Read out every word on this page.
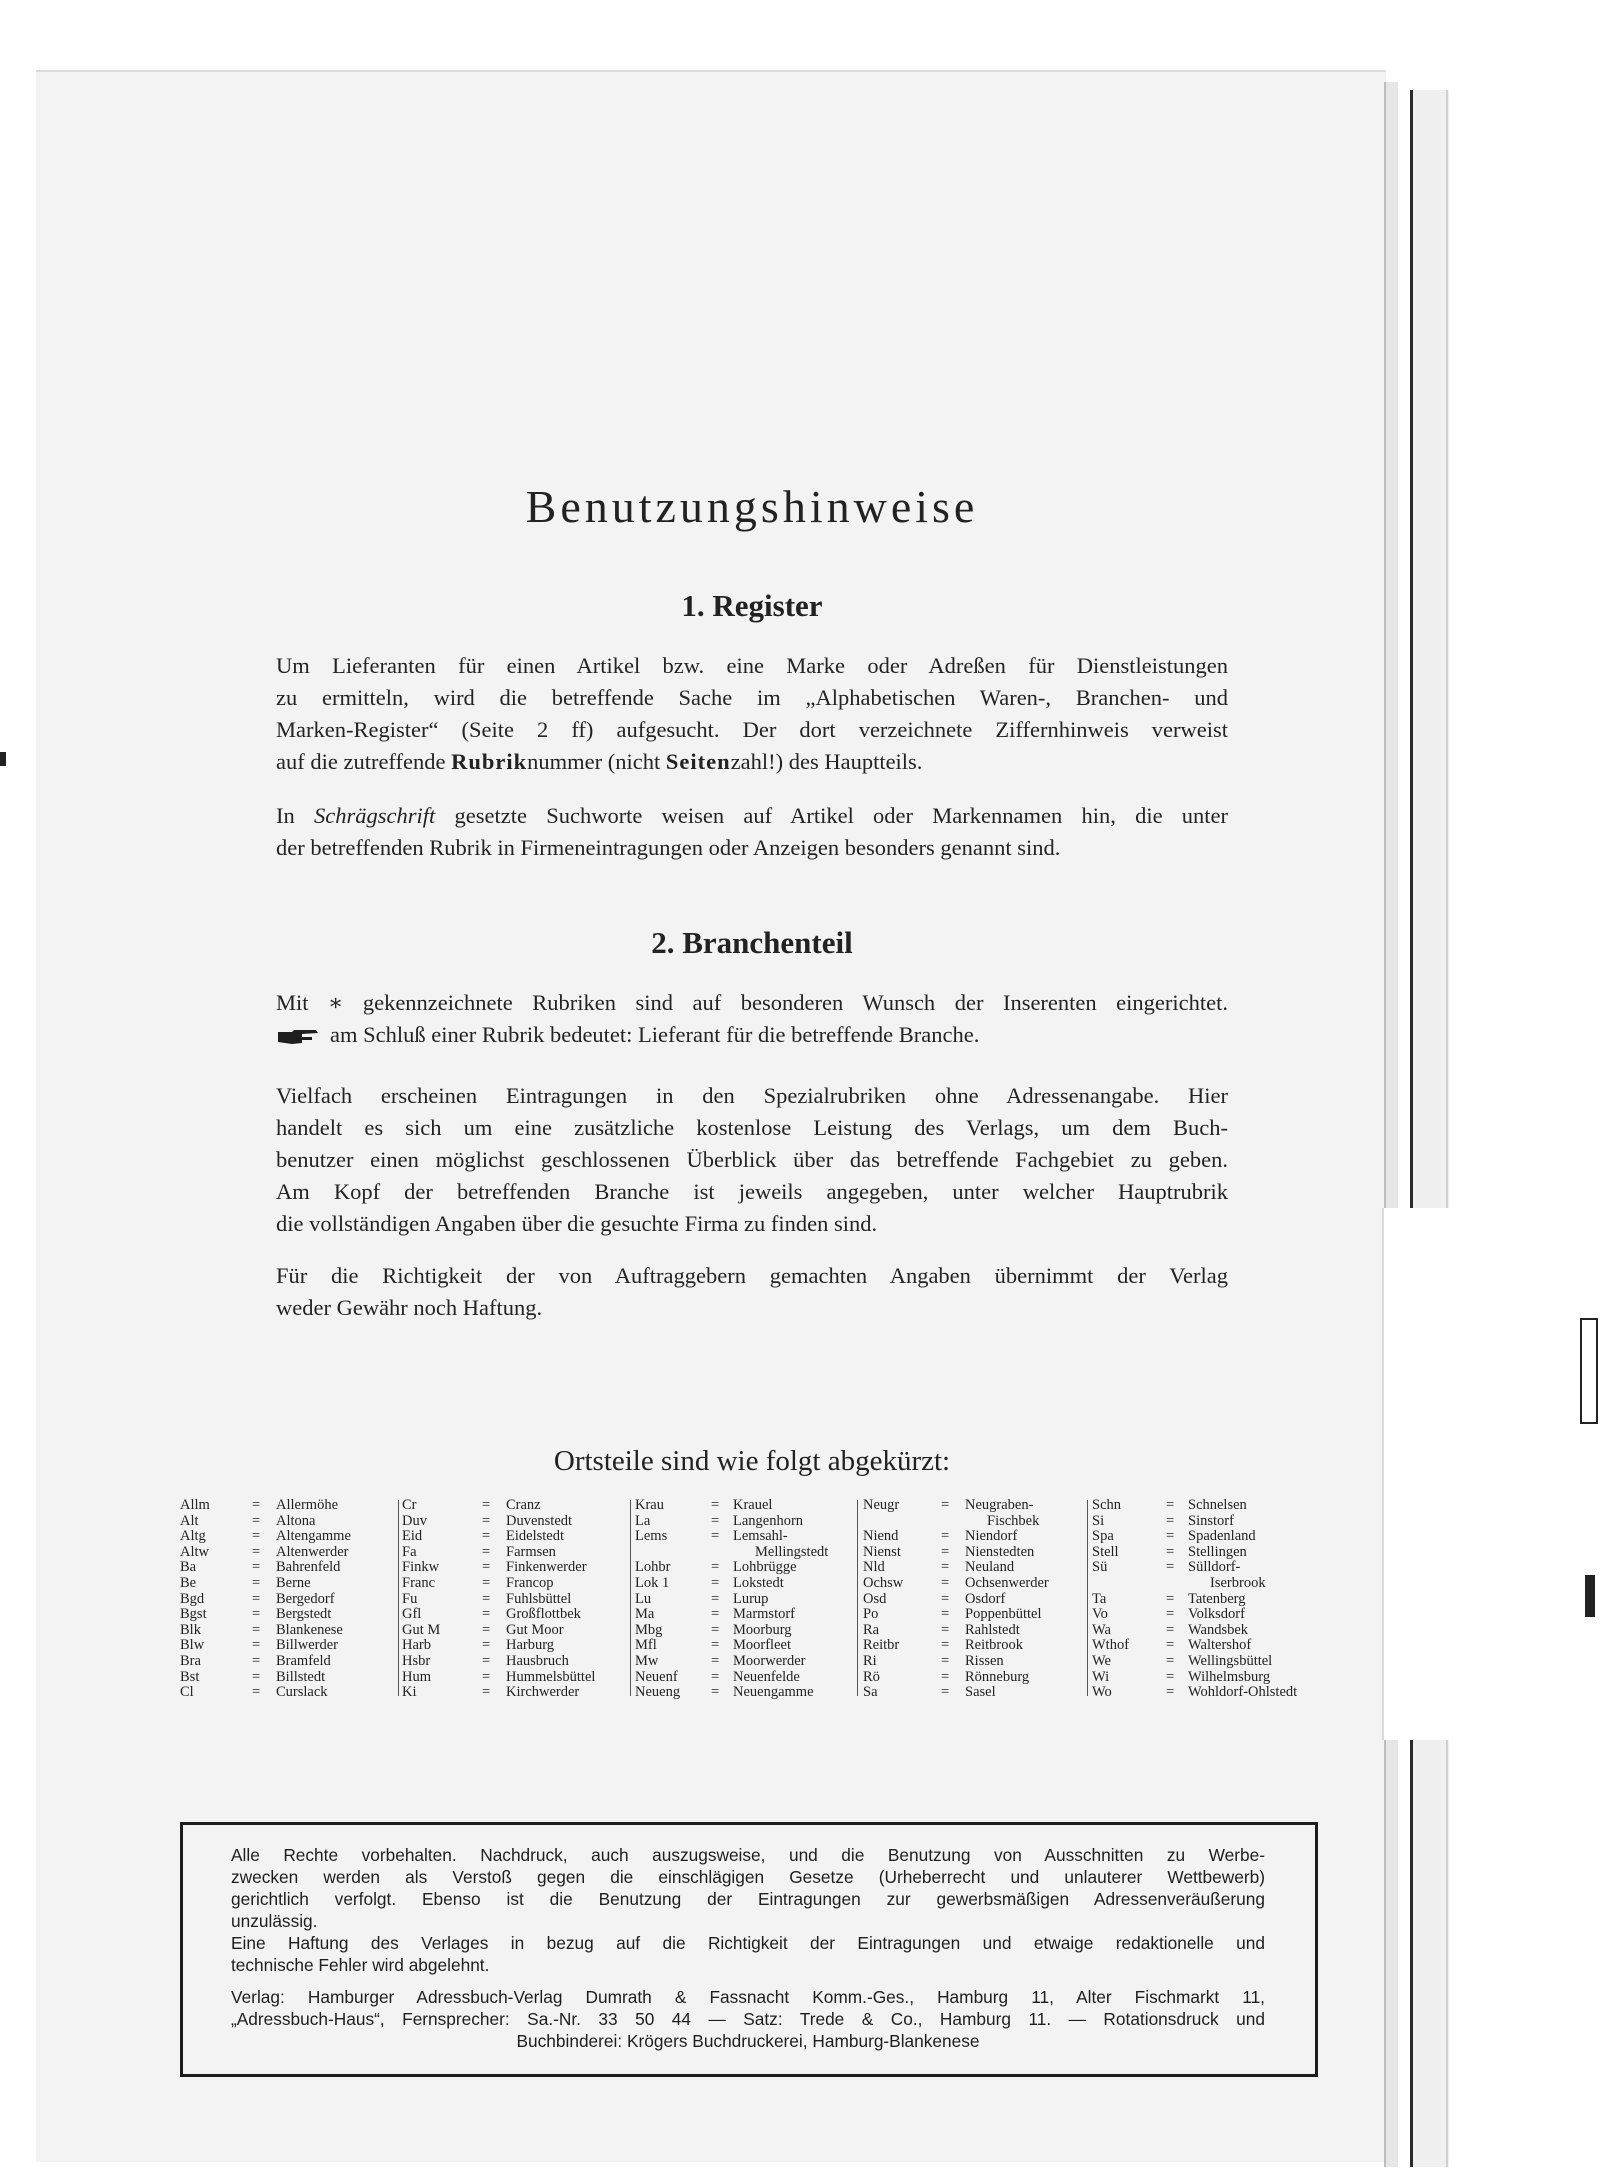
Benutzungshinweise
1. Register
Um Lieferanten für einen Artikel bzw. eine Marke oder Adreßen für Dienstleistungen
zu ermitteln, wird die betreffende Sache im „Alphabetischen Waren-, Branchen- und
Marken-Register“ (Seite 2 ff) aufgesucht. Der dort verzeichnete Ziffernhinweis verweist
auf die zutreffende Rubriknummer (nicht Seitenzahl!) des Hauptteils.
In Schrägschrift gesetzte Suchworte weisen auf Artikel oder Markennamen hin, die unter
der betreffenden Rubrik in Firmeneintragungen oder Anzeigen besonders genannt sind.
2. Branchenteil
Mit ∗ gekennzeichnete Rubriken sind auf besonderen Wunsch der Inserenten eingerichtet.
am Schluß einer Rubrik bedeutet: Lieferant für die betreffende Branche.
Vielfach erscheinen Eintragungen in den Spezialrubriken ohne Adressenangabe. Hier
handelt es sich um eine zusätzliche kostenlose Leistung des Verlags, um dem Buch-
benutzer einen möglichst geschlossenen Überblick über das betreffende Fachgebiet zu geben.
Am Kopf der betreffenden Branche ist jeweils angegeben, unter welcher Hauptrubrik
die vollständigen Angaben über die gesuchte Firma zu finden sind.
Für die Richtigkeit der von Auftraggebern gemachten Angaben übernimmt der Verlag
weder Gewähr noch Haftung.
Ortsteile sind wie folgt abgekürzt:
Allm	= Allermöhe
Alt	= Altona
Altg	= Altengamme
Altw	= Altenwerder
Ba	= Bahrenfeld
Be	= Berne
Bgd	= Bergedorf
Bgst	= Bergstedt
Blk	= Blankenese
Blw	= Billwerder
Bra	= Bramfeld
Bst	= Billstedt
Cl	= Curslack
Cr	= Cranz
Duv	= Duvenstedt
Eid	= Eidelstedt
Fa	= Farmsen
Finkw	= Finkenwerder
Franc	= Francop
Fu	= Fuhlsbüttel
Gfl	= Großflottbek
Gut M	= Gut Moor
Harb	= Harburg
Hsbr	= Hausbruch
Hum	= Hummelsbüttel
Ki	= Kirchwerder
Krau	= Krauel
La	= Langenhorn
Lems	= Lemsahl-
Mellingstedt
Lohbr	= Lohbrügge
Lok 1	= Lokstedt
Lu	= Lurup
Ma	= Marmstorf
Mbg	= Moorburg
Mfl	= Moorfleet
Mw	= Moorwerder
Neuenf = Neuenfelde
Neueng = Neuengamme
Neugr	= Neugraben-
Fischbek
Niend	= Niendorf
Nienst	= Nienstedten
Nld	= Neuland
Ochsw	= Ochsenwerder
Osd	= Osdorf
Po	= Poppenbüttel
Ra	= Rahlstedt
Reitbr	= Reitbrook
Ri	= Rissen
Rö	= Rönneburg
Sa	= Sasel
Schn	= Schnelsen
Si	= Sinstorf
Spa	= Spadenland
Stell	= Stellingen
Sü	= Sülldorf-
Iserbrook
Ta	= Tatenberg
Vo	= Volksdorf
Wa	= Wandsbek
Wthof	= Waltershof
We	= Wellingsbüttel
Wi	= Wilhelmsburg
Wo	= Wohldorf-Ohlstedt
Alle Rechte vorbehalten. Nachdruck, auch auszugsweise, und die Benutzung von Ausschnitten zu Werbe-
zwecken werden als Verstoß gegen die einschlägigen Gesetze (Urheberrecht und unlauterer Wettbewerb)
gerichtlich verfolgt. Ebenso ist die Benutzung der Eintragungen zur gewerbsmäßigen Adressenveräußerung
unzulässig.
Eine Haftung des Verlages in bezug auf die Richtigkeit der Eintragungen und etwaige redaktionelle und
technische Fehler wird abgelehnt.
Verlag: Hamburger Adressbuch-Verlag Dumrath & Fassnacht Komm.-Ges., Hamburg 11, Alter Fischmarkt 11,
„Adressbuch-Haus“, Fernsprecher: Sa.-Nr. 33 50 44 — Satz: Trede & Co., Hamburg 11. — Rotationsdruck und
Buchbinderei: Krögers Buchdruckerei, Hamburg-Blankenese
